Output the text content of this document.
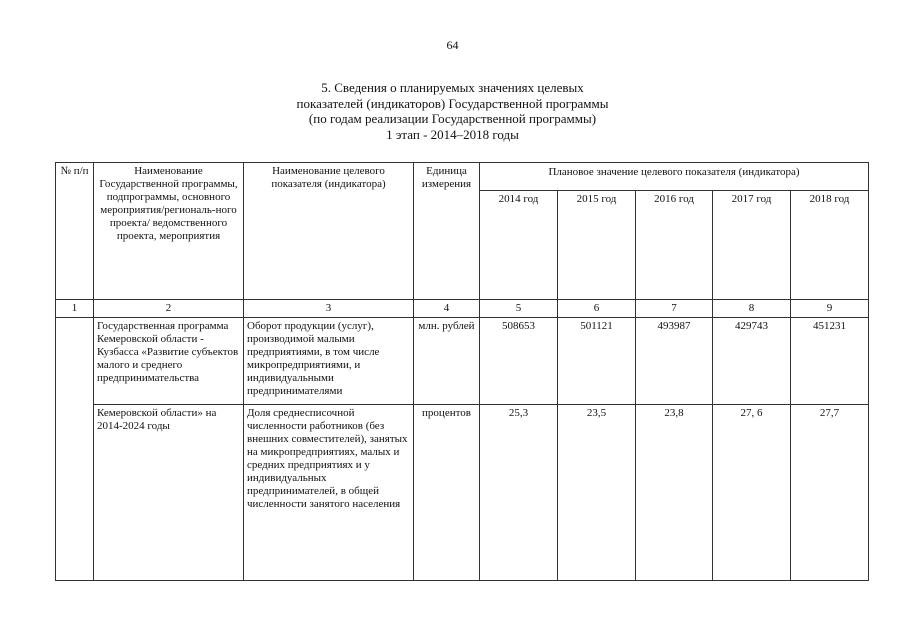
64
5. Сведения о планируемых значениях целевых
показателей (индикаторов) Государственной программы
(по годам реализации Государственной программы)
1 этап - 2014–2018 годы
№ п/п	Наименование Государственной программы, подпрограммы, основного мероприятия/региональ-ного проекта/ ведомственного проекта, мероприятия	Наименование целевого показателя (индикатора)	Единица измерения	Плановое значение целевого показателя (индикатора)				
				2014 год	2015 год	2016 год	2017 год	2018 год
1	2	3	4	5	6	7	8	9
	Государственная программа Кемеровской области - Кузбасса «Развитие субъектов малого и среднего предпринимательства	Оборот продукции (услуг), производимой малыми предприятиями, в том числе микропредприятиями, и индивидуальными предпринимателями	млн. рублей	508653	501121	493987	429743	451231
	Кемеровской области» на 2014-2024 годы	Доля среднесписочной численности работников (без внешних совместителей), занятых на микропредприятиях, малых и средних предприятиях и у индивидуальных предпринимателей, в общей численности занятого населения	процентов	25,3	23,5	23,8	27, 6	27,7
